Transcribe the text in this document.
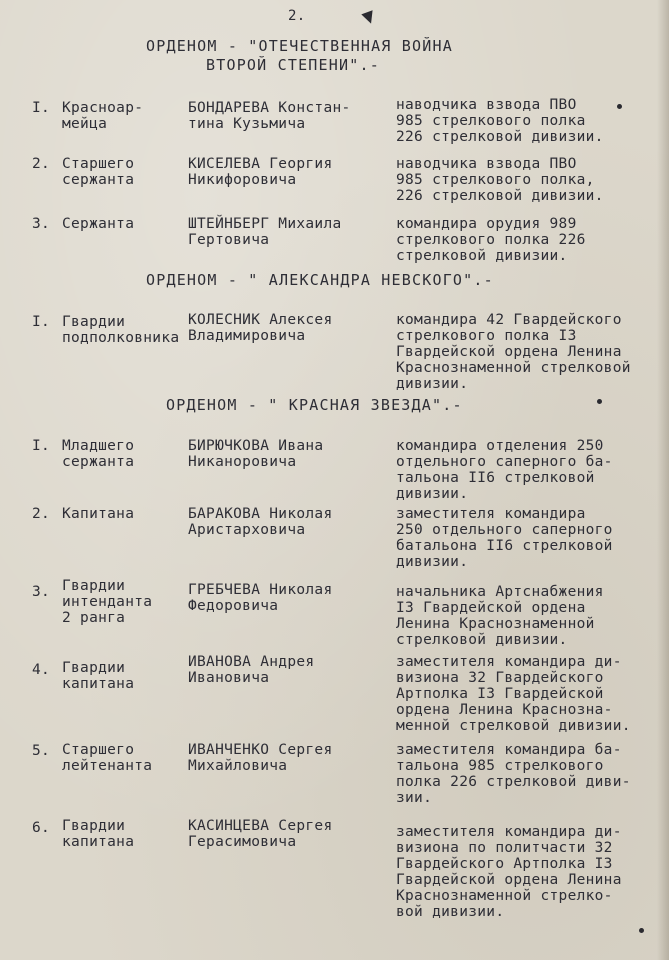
2.
ОРДЕНОМ - "ОТЕЧЕСТВЕННАЯ ВОЙНА
ВТОРОЙ СТЕПЕНИ".-
I. Красноар-
мейца
БОНДАРЕВА Констан-
тина Кузьмича
наводчика взвода ПВО
985 стрелкового полка
226 стрелковой дивизии.
2. Старшего
сержанта
КИСЕЛЕВА Георгия
Никифоровича
наводчика взвода ПВО
985 стрелкового полка,
226 стрелковой дивизии.
3. Сержанта	ШТЕЙНБЕРГ Михаила
Гертовича
командира орудия 989
стрелкового полка 226
стрелковой дивизии.
ОРДЕНОМ - " АЛЕКСАНДРА НЕВСКОГО".-
I. Гвардии
подполковника
КОЛЕСНИК Алексея
Владимировича
командира 42 Гвардейского
стрелкового полка I3
Гвардейской ордена Ленина Краснознаменной стрелковой дивизии.
ОРДЕНОМ - " КРАСНАЯ ЗВЕЗДА".-
I. Младшего
сержанта
БИРЮЧКОВА Ивана
Никаноровича
командира отделения 250
отдельного саперного ба-
тальона II6 стрелковой
дивизии.
2. Капитана	БАРАКОВА Николая
Аристарховича
заместителя командира
250 отдельного саперного
батальона II6 стрелковой
дивизии.
3. Гвардии
интенданта
2 ранга
ГРЕБЧЕВА Николая
Федоровича
начальника Артснабжения
I3 Гвардейской ордена
Ленина Краснознаменной
стрелковой дивизии.
4. Гвардии
капитана
ИВАНОВА Андрея
Ивановича
заместителя командира ди-
визиона 32 Гвардейского
Артполка I3 Гвардейской
ордена Ленина Краснозна-
менной стрелковой дивизии.
5. Старшего
лейтенанта
ИВАНЧЕНКО Сергея
Михайловича
заместителя командира ба-
тальона 985 стрелкового
полка 226 стрелковой диви-
зии.
6. Гвардии
капитана
КАСИНЦЕВА Сергея
Герасимовича
заместителя командира ди-
визиона по политчасти 32
Гвардейского Артполка I3
Гвардейской ордена Ленина
Краснознаменной стрелко-
вой дивизии.
